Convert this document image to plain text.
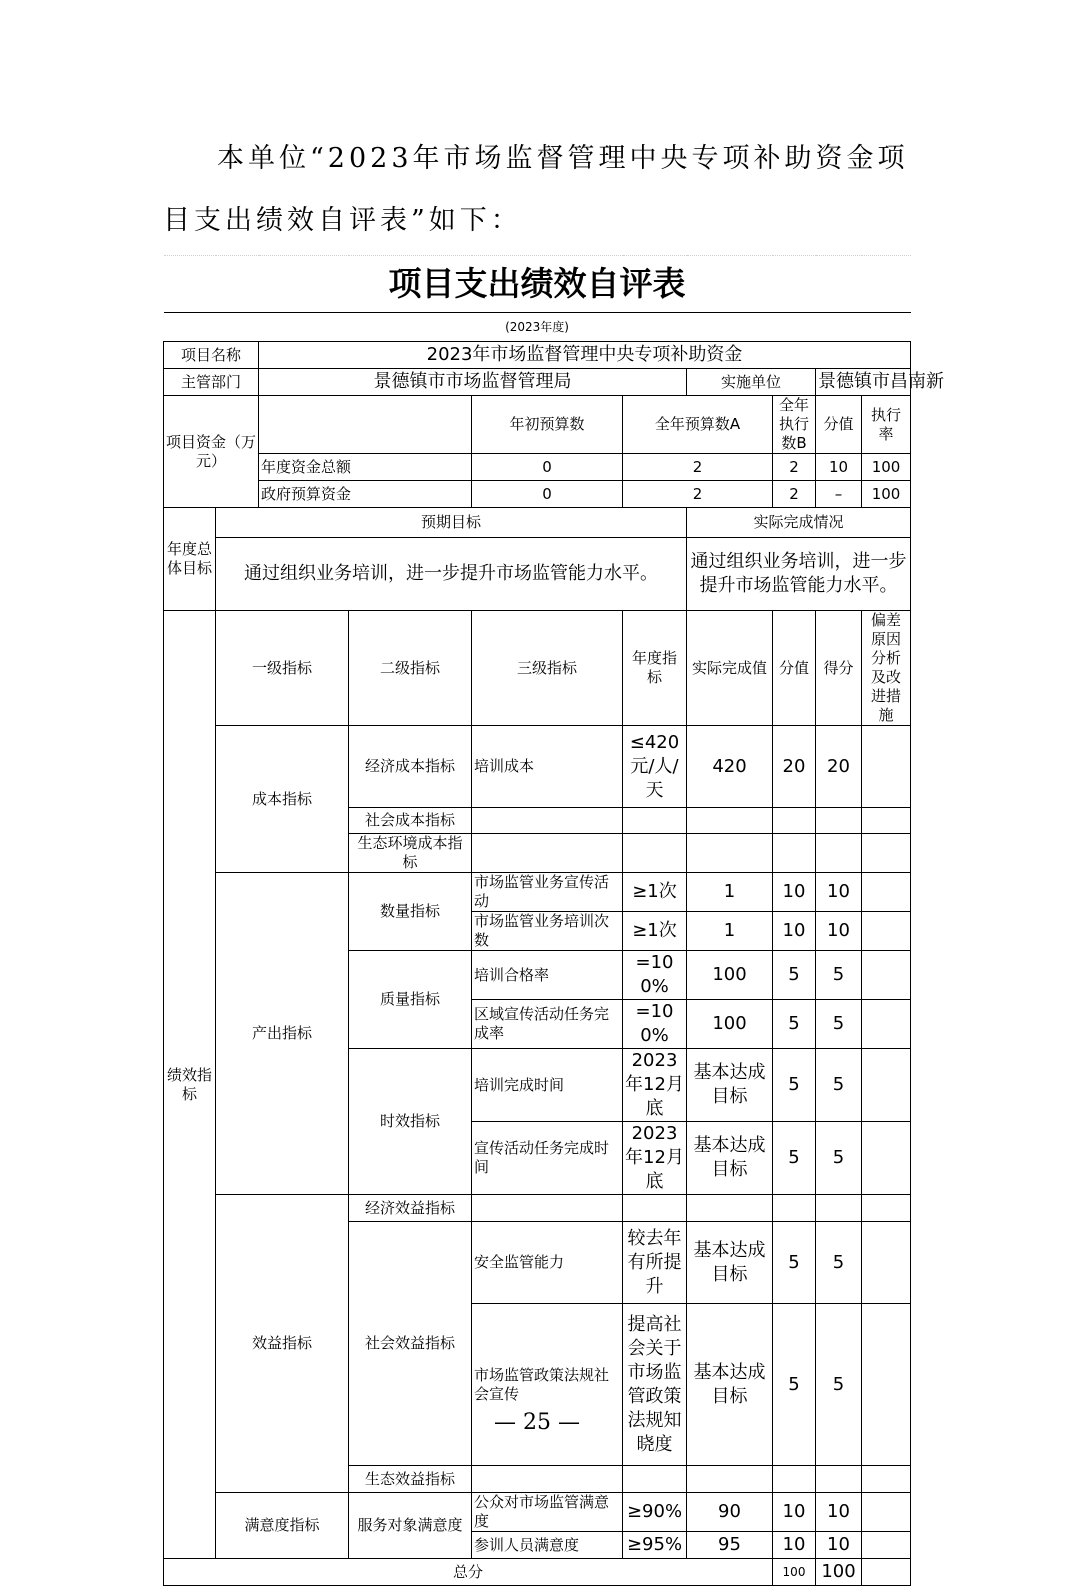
本单位“2023年市场监督管理中央专项补助资金项目支出绩效自评表”如下：

项目支出绩效自评表									
(2023年度)									
项目名称		2023年市场监督管理中央专项补助资金							
主管部门		景德镇市市场监督管理局				实施单位		景德镇市昌南新	
项目资金（万元）				年初预算数	全年预算数A		全年执行数B	分值	执行率
		年度资金总额		0	2		2	10	100
		政府预算资金		0	2		2	–	100
年度总体目标	预期目标					实际完成情况			
	通过组织业务培训，进一步提升市场监管能力水平。					通过组织业务培训，进一步提升市场监管能力水平。			
绩效指标	一级指标		二级指标	三级指标	年度指标	实际完成值	分值	得分	偏差原因分析及改进措施
	成本指标		经济成本指标	培训成本	≤420元/人/天	420	20	20	
			社会成本指标						
			生态环境成本指标						
	产出指标		数量指标	市场监管业务宣传活动	≥1次	1	10	10	
				市场监管业务培训次数	≥1次	1	10	10	
			质量指标	培训合格率	=100%	100	5	5	
				区域宣传活动任务完成率	=100%	100	5	5	
			时效指标	培训完成时间	2023年12月底	基本达成目标	5	5	
				宣传活动任务完成时间	2023年12月底	基本达成目标	5	5	
	效益指标		经济效益指标						
			社会效益指标	安全监管能力	较去年有所提升	基本达成目标	5	5	
				市场监管政策法规社会宣传	提高社会关于市场监管政策法规知晓度	基本达成目标	5	5	
			生态效益指标						
	满意度指标		服务对象满意度	公众对市场监管满意度	≥90%	90	10	10	
				参训人员满意度	≥95%	95	10	10	
总分							100	100	
— 25 —
